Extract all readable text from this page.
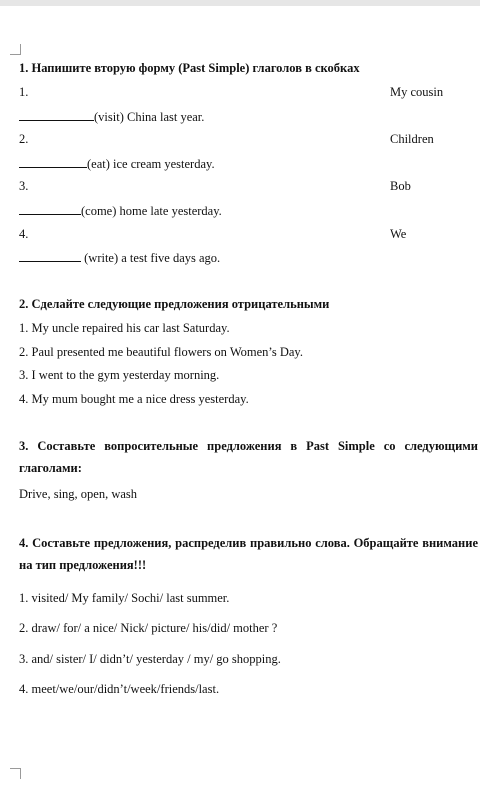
1. Напишите вторую форму (Past Simple) глаголов в скобках
1.	My cousin
(visit) China last year.
2.	Children
(eat) ice cream yesterday.
3.	Bob
(come) home late yesterday.
4.	We
(write) a test five days ago.
2. Сделайте следующие предложения отрицательными
1. My uncle repaired his car last Saturday.
2. Paul presented me beautiful flowers on Women’s Day.
3. I went to the gym yesterday morning.
4. My mum bought me a nice dress yesterday.
3. Составьте вопросительные предложения в Past Simple со следующими глаголами:
Drive, sing, open, wash
4. Составьте предложения, распределив правильно слова. Обращайте внимание на тип предложения!!!
1. visited/ My family/ Sochi/ last summer.
2. draw/ for/ a nice/ Nick/ picture/ his/did/ mother ?
3. and/ sister/ I/ didn’t/ yesterday / my/ go shopping.
4. meet/we/our/didn’t/week/friends/last.
